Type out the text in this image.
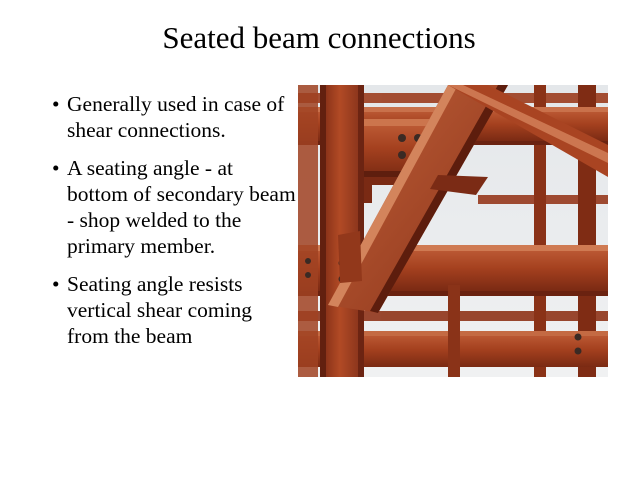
Seated beam connections
• Generally used in case of shear connections.
• A seating angle - at bottom of secondary beam - shop welded to the primary member.
• Seating angle resists vertical shear coming from the beam
